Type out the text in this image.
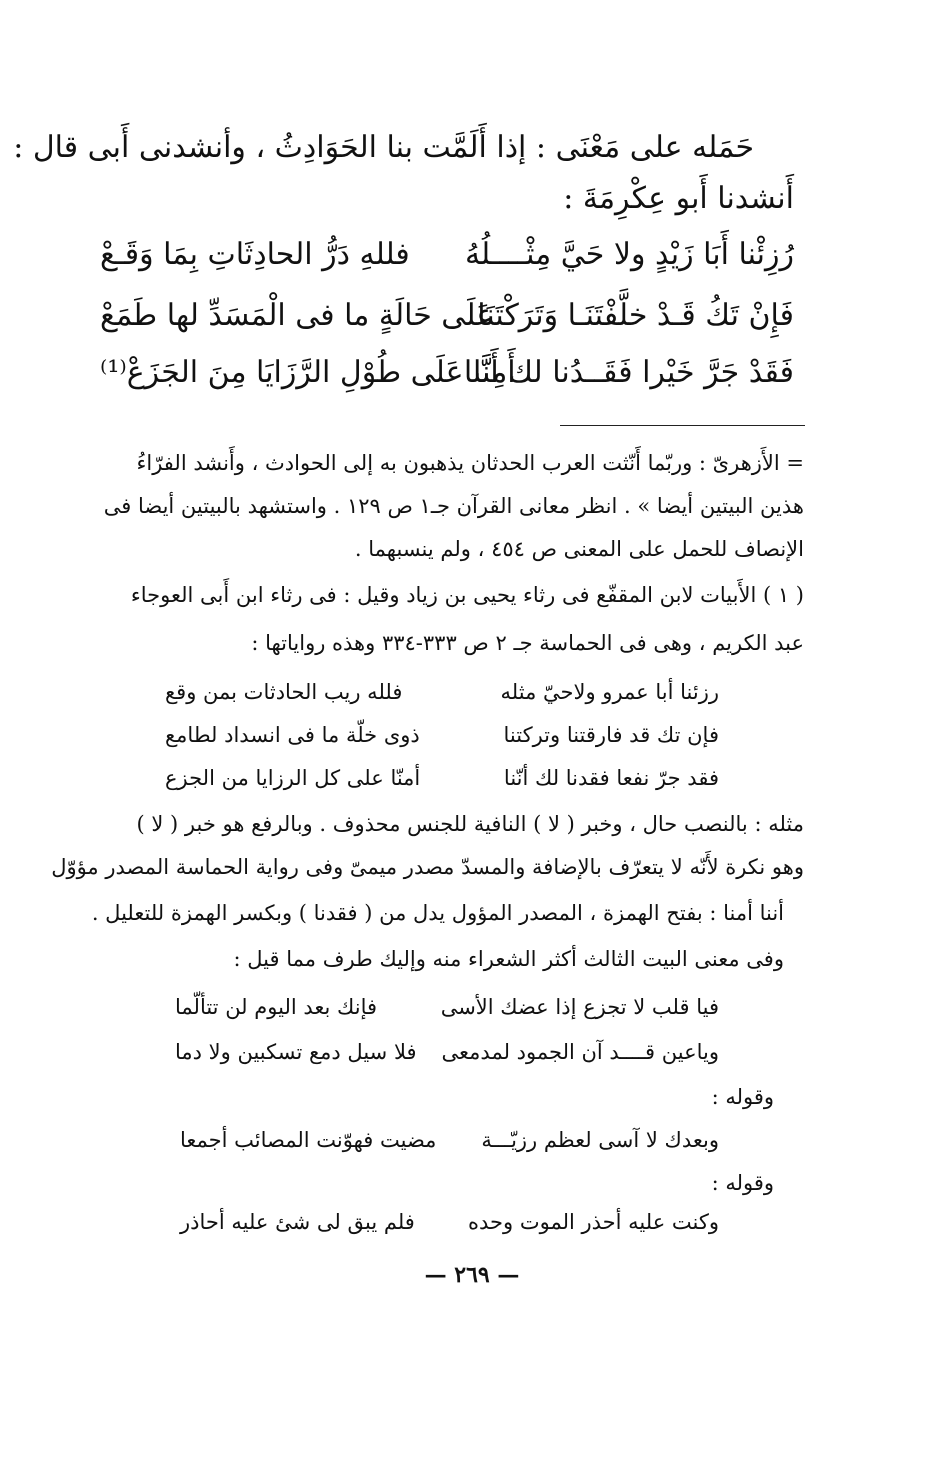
حَمَله على مَعْنَى : إذا أَلَمَّت بنا الحَوَادِثُ ، وأنشدنى أَبى قال :
أَنشدنا أَبو عِكْرِمَةَ :
رُزِئْنا أَبَا زَيْدٍ ولا حَيَّ مِثْــــلُهُ
فللهِ دَرُّ الحادِثَاتِ بِمَا وَقَـعْ
فَإِنْ تَكُ قَـدْ خلَّفْتَنَـا وَتَرَكْتَنَا
عَلَى حَالَةٍ ما فى الْمَسَدِّ لها طَمَعْ
فَقَدْ جَرَّ خَيْرا فَقَــدُنا لك أَنَّنا
أَمِنَّا عَلَى طُوْلِ الرَّزَايَا مِنَ الجَزَعْ⁽¹⁾
= الأَزهرىّ : وربّما أَنّثت العرب الحدثان يذهبون به إلى الحوادث ، وأَنشد الفرّاءُ
هذين البيتين أيضا » . انظر معانى القرآن جـ١ ص ١٢٩ . واستشهد بالبيتين أيضا فى
الإنصاف للحمل على المعنى ص ٤٥٤ ، ولم ينسبهما .
( ١ ) الأَبيات لابن المقفّع فى رثاء يحيى بن زياد وقيل : فى رثاء ابن أَبى العوجاء
عبد الكريم ، وهى فى الحماسة جـ ٢ ص ٣٣٣-٣٣٤ وهذه رواياتها :
رزئنا أبا عمرو ولاحيّ مثله
فلله ريب الحادثات بمن وقع
فإن تك قد فارقتنا وتركتنا
ذوى خلّة ما فى انسداد لطامع
فقد جرّ نفعا فقدنا لك أنّنا
أمنّا على كل الرزايا من الجزع
مثله : بالنصب حال ، وخبر ( لا ) النافية للجنس محذوف . وبالرفع هو خبر ( لا )
وهو نكرة لأَنّه لا يتعرّف بالإضافة والمسدّ مصدر ميمىّ وفى رواية الحماسة المصدر مؤوّل
أننا أمنا : بفتح الهمزة ، المصدر المؤول يدل من ( فقدنا ) وبكسر الهمزة للتعليل .
وفى معنى البيت الثالث أكثر الشعراء منه وإليك طرف مما قيل :
فيا قلب لا تجزع إذا عضك الأسى
فإنك بعد اليوم لن تتألّما
وياعين قــــد آن الجمود لمدمعى
فلا سيل دمع تسكبين ولا دما
وقوله :
وبعدك لا آسى لعظم رزيّـــة
مضيت فهوّنت المصائب أجمعا
وقوله :
وكنت عليه أحذر الموت وحده
فلم يبق لى شئ عليه أحاذر
— ٢٦٩ —
